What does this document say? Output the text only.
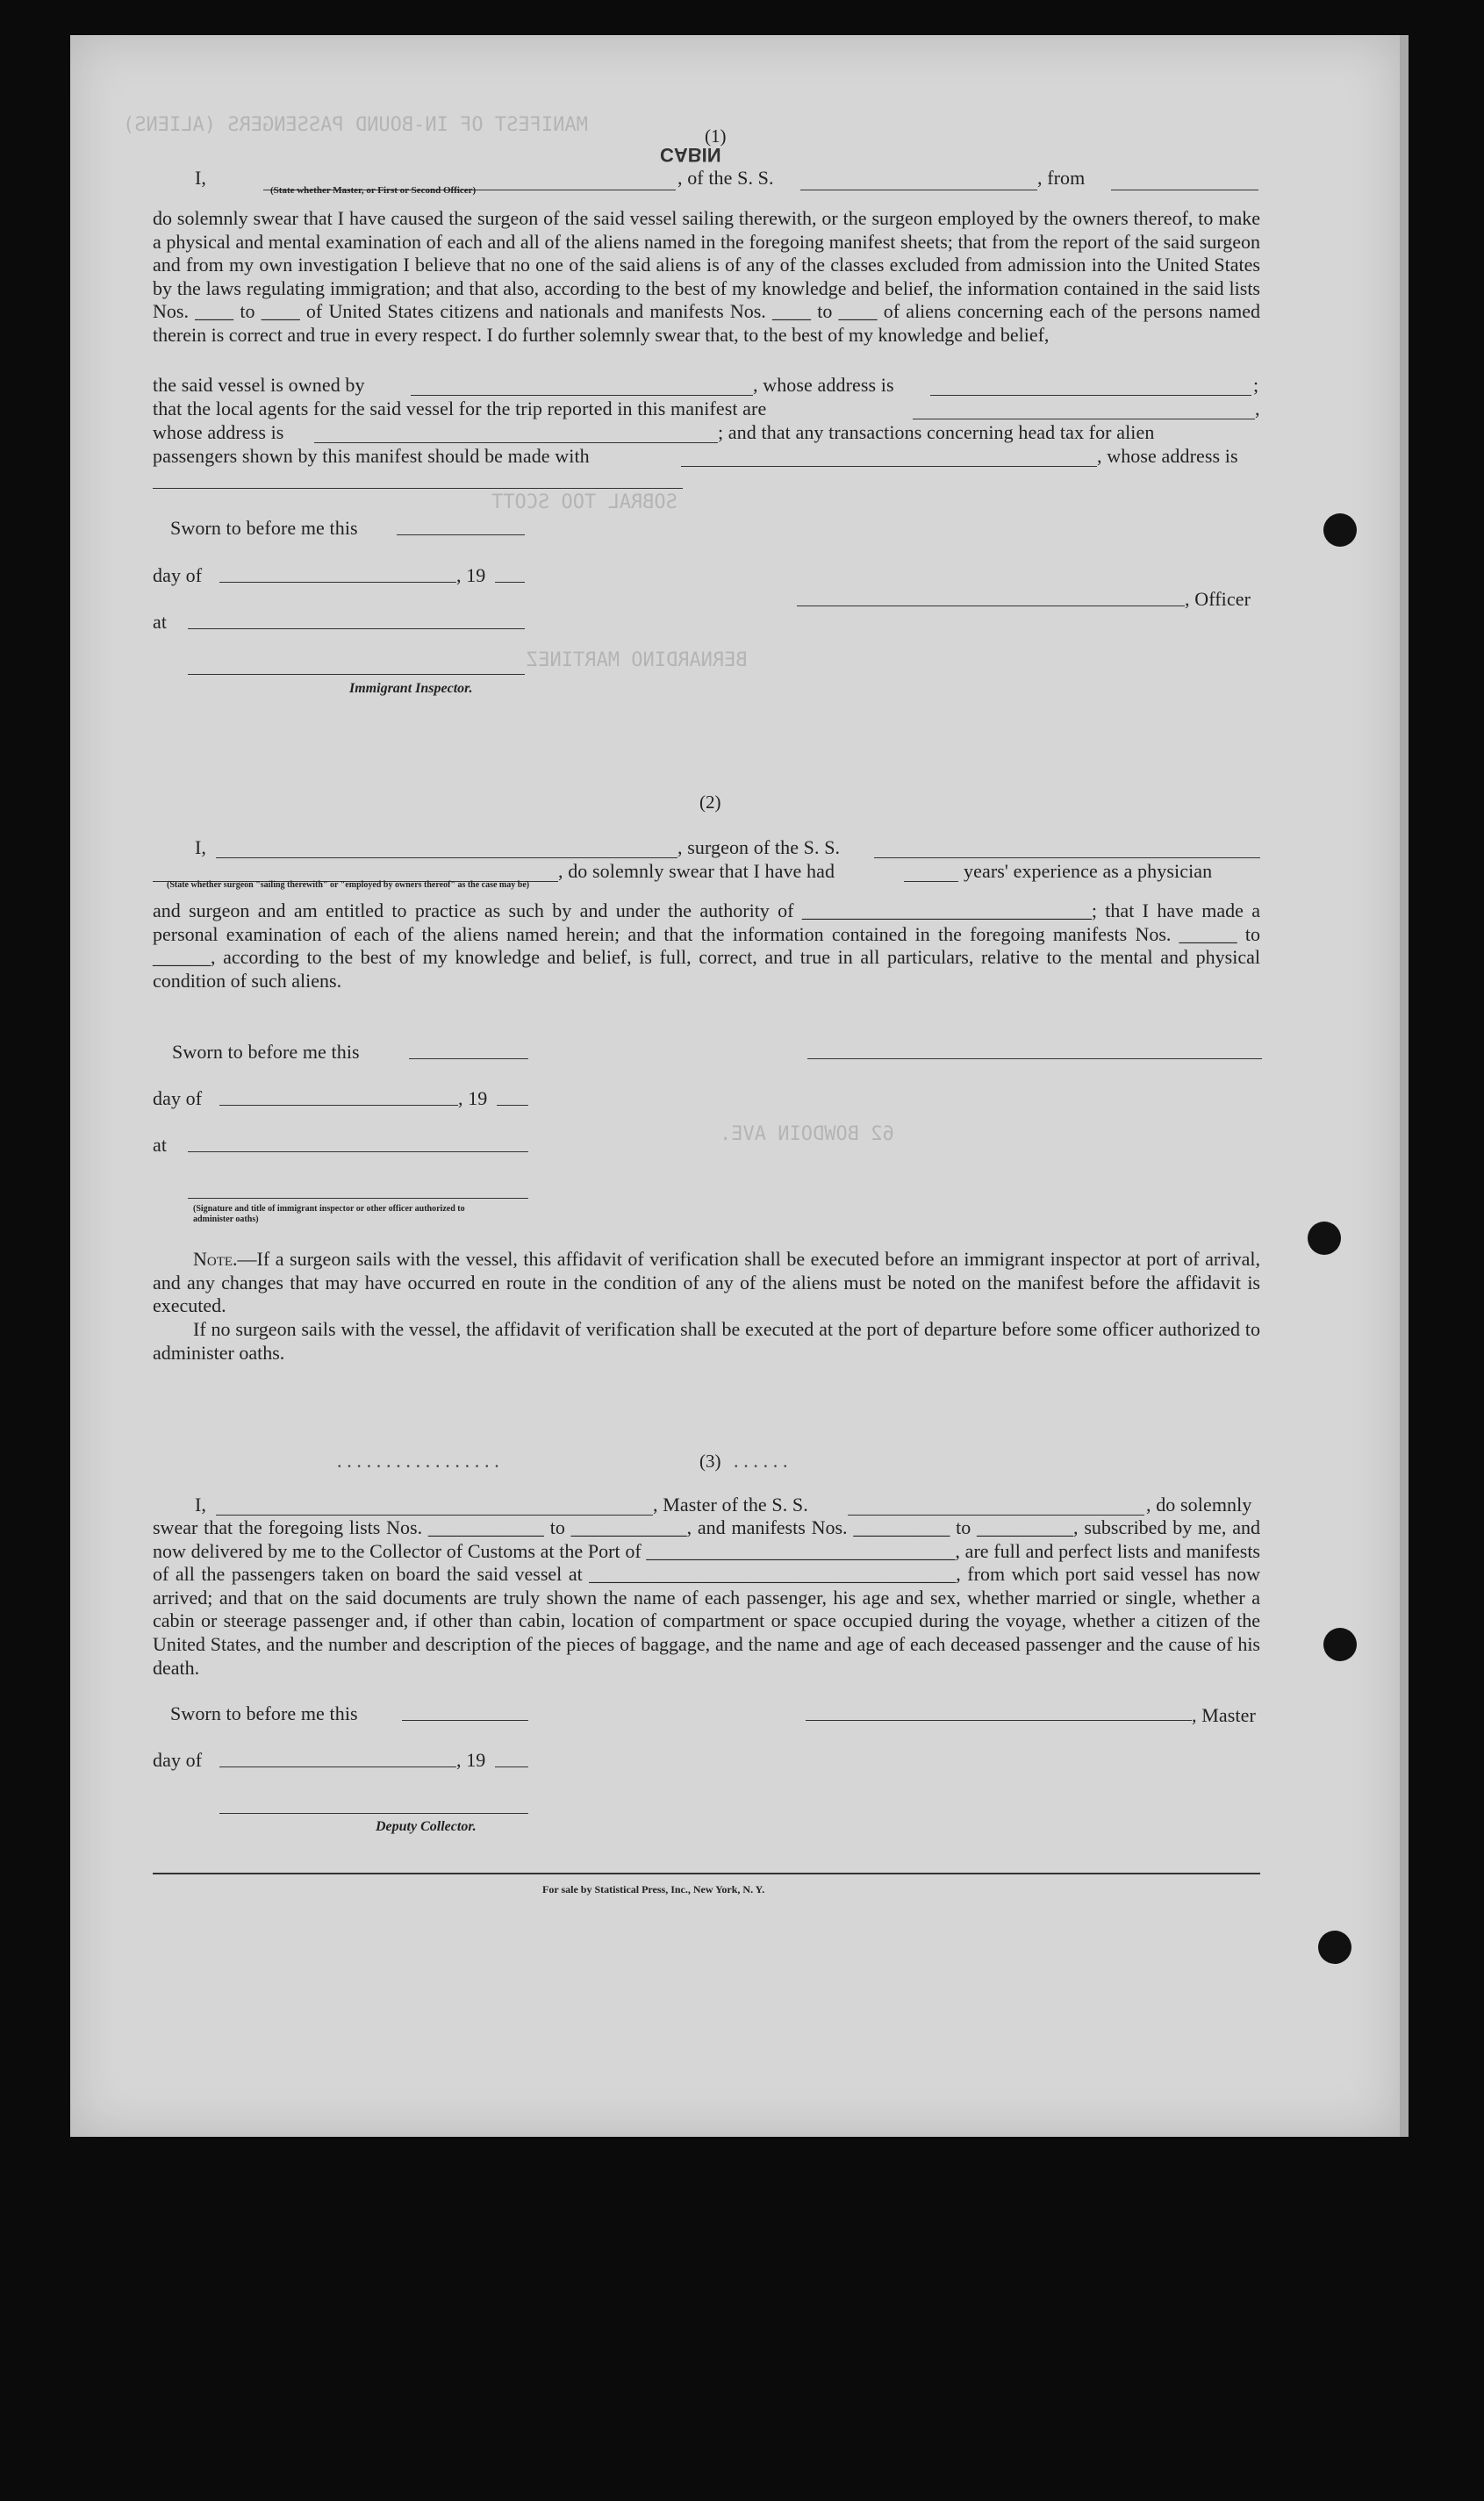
MANIFEST OF IN-BOUND PASSENGERS (ALIENS)
SOBRAL TOO SCOTT
BERNARDINO MARTINEZ
62 BOWDOIN AVE.
CABIN
(1)
I,	, of the S. S.	, from
(State whether Master, or First or Second Officer)
do solemnly swear that I have caused the surgeon of the said vessel sailing therewith, or the surgeon employed by the owners thereof, to make a physical and mental examination of each and all of the aliens named in the foregoing manifest sheets; that from the report of the said surgeon and from my own investigation I believe that no one of the said aliens is of any of the classes excluded from admission into the United States by the laws regulating immigration; and that also, according to the best of my knowledge and belief, the information contained in the said lists Nos. ____ to ____ of United States citizens and nationals and manifests Nos. ____ to ____ of aliens concerning each of the persons named therein is correct and true in every respect. I do further solemnly swear that, to the best of my knowledge and belief,
the said vessel is owned by	, whose address is	;
that the local agents for the said vessel for the trip reported in this manifest are	,
whose address is	; and that any transactions concerning head tax for alien
passengers shown by this manifest should be made with	, whose address is
Sworn to before me this
day of	, 19
at
Immigrant Inspector.
, Officer
(2)
I,	, surgeon of the S. S.
, do solemnly swear that I have had	years' experience as a physician
(State whether surgeon "sailing therewith" or "employed by owners thereof" as the case may be)
and surgeon and am entitled to practice as such by and under the authority of ______________________________; that I have made a personal examination of each of the aliens named herein; and that the information contained in the foregoing manifests Nos. ______ to ______, according to the best of my knowledge and belief, is full, correct, and true in all particulars, relative to the mental and physical condition of such aliens.
Sworn to before me this
day of	, 19
at
(Signature and title of immigrant inspector or other officer authorized to administer oaths)
Note.—If a surgeon sails with the vessel, this affidavit of verification shall be executed before an immigrant inspector at port of arrival, and any changes that may have occurred en route in the condition of any of the aliens must be noted on the manifest before the affidavit is executed.
If no surgeon sails with the vessel, the affidavit of verification shall be executed at the port of departure before some officer authorized to administer oaths.
(3)
. . . . . . . . . . . . . . . . .	. . . . . .
I,	, Master of the S. S.	, do solemnly
swear that the foregoing lists Nos. ____________ to ____________, and manifests Nos. __________ to __________, subscribed by me, and now delivered by me to the Collector of Customs at the Port of ________________________________, are full and perfect lists and manifests of all the passengers taken on board the said vessel at ______________________________________, from which port said vessel has now arrived; and that on the said documents are truly shown the name of each passenger, his age and sex, whether married or single, whether a cabin or steerage passenger and, if other than cabin, location of compartment or space occupied during the voyage, whether a citizen of the United States, and the number and description of the pieces of baggage, and the name and age of each deceased passenger and the cause of his death.
Sworn to before me this	, Master
day of	, 19
Deputy Collector.
For sale by Statistical Press, Inc., New York, N. Y.
